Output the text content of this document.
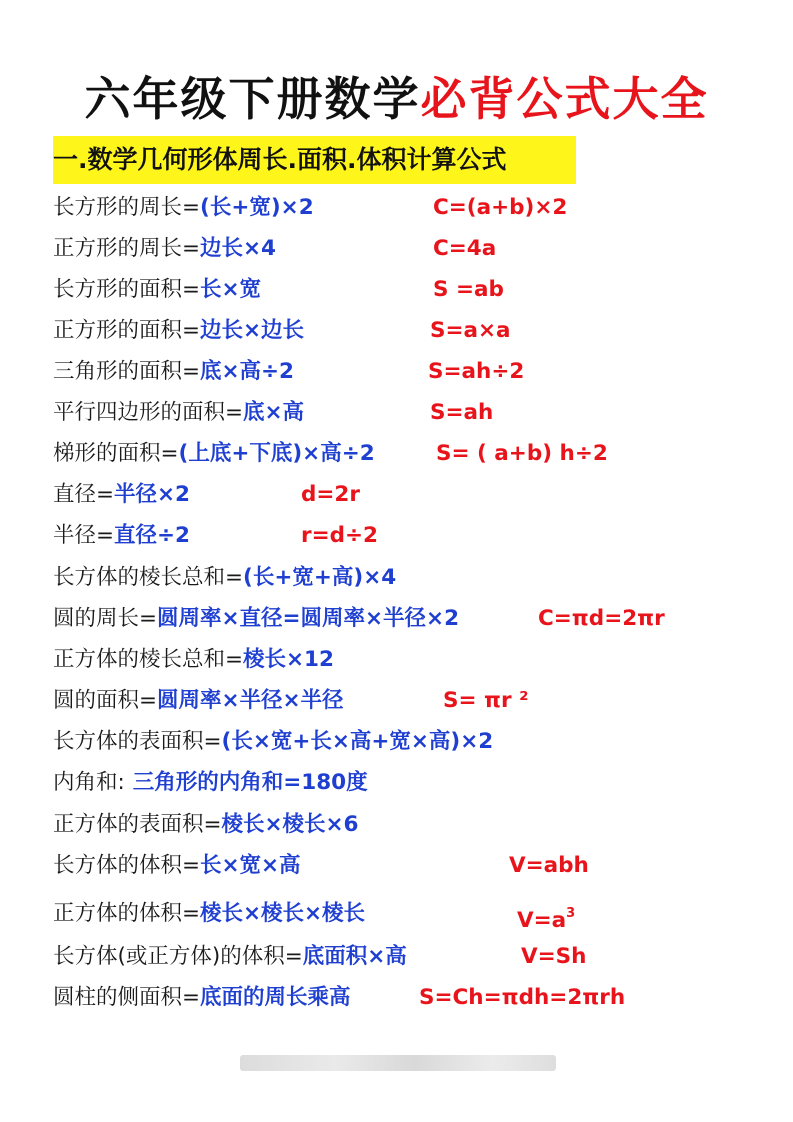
六年级下册数学必背公式大全
一.数学几何形体周长.面积.体积计算公式
长方形的周长=(长+宽)×2	C=(a+b)×2
正方形的周长=边长×4	C=4a
长方形的面积=长×宽	S =ab
正方形的面积=边长×边长	S=a×a
三角形的面积=底×高÷2	S=ah÷2
平行四边形的面积=底×高	S=ah
梯形的面积=(上底+下底)×高÷2	S= ( a+b) h÷2
直径=半径×2	d=2r
半径=直径÷2	r=d÷2
长方体的棱长总和=(长+宽+高)×4
圆的周长=圆周率×直径=圆周率×半径×2	C=πd=2πr
正方体的棱长总和=棱长×12
圆的面积=圆周率×半径×半径	S= πr ²
长方体的表面积=(长×宽+长×高+宽×高)×2
内角和: 三角形的内角和=180度
正方体的表面积=棱长×棱长×6
长方体的体积=长×宽×高	V=abh
正方体的体积=棱长×棱长×棱长	$V=a^3$
长方体(或正方体)的体积=底面积×高	V=Sh
圆柱的侧面积=底面的周长乘高	S=Ch=πdh=2πrh
